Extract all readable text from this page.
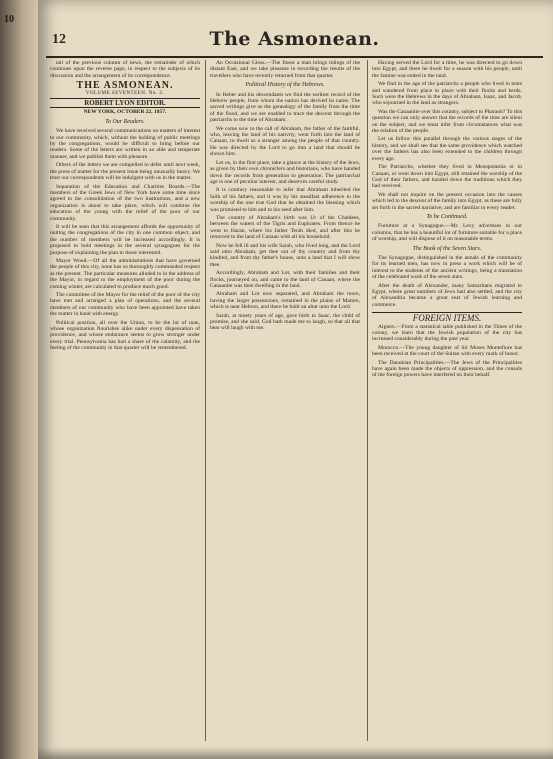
10
12	The Asmonean.

tail of the previous column of news, the remainder of which continues upon the reverse page, in respect to the subjects of its discussion and the arrangement of its correspondence.

THE ASMONEAN.
VOLUME SEVENTEEN. No. 2.
ROBERT LYON EDITOR.
NEW YORK, OCTOBER 22, 1857.
To Our Readers.

We have received several communications on matters of interest to our community, which, without the holding of public meetings by the congregations, would be difficult to bring before our readers. Some of the letters are written in an able and temperate manner, and we publish them with pleasure.

Others of the letters we are compelled to defer until next week, the press of matter for the present issue being unusually heavy. We trust our correspondents will be indulgent with us in the matter.

Separation of the Education and Charities Boards.—The members of the Greek Jews of New York have some time since agreed to the consolidation of the two institutions, and a new organization is about to take place, which will combine the education of the young with the relief of the poor of our community.

It will be seen that this arrangement affords the opportunity of uniting the congregations of the city in one common object, and the number of members will be increased accordingly. It is proposed to hold meetings in the several synagogues for the purpose of explaining the plan to those interested.

Mayor Wood.—Of all the administrations that have governed the people of this city, none has so thoroughly commanded respect as the present. The particular measures alluded to in the address of the Mayor, in regard to the employment of the poor during the coming winter, are calculated to produce much good.

The committee of the Mayor for the relief of the poor of the city have met and arranged a plan of operations, and the several members of our community who have been appointed have taken the matter in hand with energy.

Political position, all over the Union, to be the lot of man, whose organization flourishes alike under every dispensation of providence, and whose endurance seems to grow stronger under every trial. Pennsylvania has had a share of the calamity, and the feeling of the community in that quarter will be remembered.

An Occasional Gloss.—The finest a man brings tidings of the distant East, and we take pleasure in recording the results of the travellers who have recently returned from that quarter.

Political History of the Hebrews.

In Heber and his descendants we find the earliest record of the Hebrew people, from whom the nation has derived its name. The sacred writings give us the genealogy of the family from the time of the flood, and we are enabled to trace the descent through the patriarchs to the time of Abraham.

We come now to the call of Abraham, the father of the faithful, who, leaving the land of his nativity, went forth into the land of Canaan, to dwell as a stranger among the people of that country. He was directed by the Lord to go into a land that should be shown him.

Let us, in the first place, take a glance at the history of the Jews, as given by their own chroniclers and historians, who have handed down the records from generation to generation. The patriarchal age is one of peculiar interest, and deserves careful study.

It is contrary reasonable to infer that Abraham inherited the faith of his fathers, and it was by his steadfast adherence to the worship of the one true God that he obtained the blessing which was promised to him and to his seed after him.

The country of Abraham's birth was Ur of the Chaldees, between the waters of the Tigris and Euphrates. From thence he went to Haran, where his father Terah died, and after this he removed to the land of Canaan with all his household.

Now he fell ill and his wife Sarah, who lived long, and the Lord said unto Abraham, get thee out of thy country and from thy kindred, and from thy father's house, unto a land that I will show thee.

Accordingly, Abraham and Lot, with their families and their flocks, journeyed on, and came to the land of Canaan, where the Canaanite was then dwelling in the land.

Abraham and Lot now separated, and Abraham the more, having the larger possessions, remained in the plains of Mamre, which is near Hebron, and there he built an altar unto the Lord.

Sarah, at ninety years of age, gave birth to Isaac, the child of promise, and she said, God hath made me to laugh, so that all that hear will laugh with me.

Having served the Lord for a time, he was directed to go down into Egypt, and there he dwelt for a season with his people, until the famine was ended in the land.

We find in the age of the patriarchs a people who lived in tents and wandered from place to place with their flocks and herds. Such were the Hebrews in the days of Abraham, Isaac, and Jacob, who sojourned in the land as strangers.

Was the Canaanite over this country, subject to Pharaoh? To this question we can only answer that the records of the time are silent on the subject, and we must infer from circumstances what was the relation of the people.

Let us follow this parallel through the various stages of the history, and we shall see that the same providence which watched over the fathers has also been extended to the children through every age.

The Patriarchs, whether they lived in Mesopotamia or in Canaan, or went down into Egypt, still retained the worship of the God of their fathers, and handed down the traditions which they had received.

We shall not inquire on the present occasion into the causes which led to the descent of the family into Egypt, as these are fully set forth in the sacred narrative, and are familiar to every reader.

To be Continued.

Furniture at a Synagogue.—Mr. Levy advertises in our columns, that he has a beautiful lot of furniture suitable for a place of worship, and will dispose of it on reasonable terms.

The Book of the Seven Stars.

The Synagogue, distinguished in the annals of the community for its learned men, has now in press a work which will be of interest to the students of the ancient writings, being a translation of the celebrated work of the seven stars.

After the death of Alexander, many Samaritans migrated to Egypt, where great numbers of Jews had also settled, and the city of Alexandria became a great seat of Jewish learning and commerce.

FOREIGN ITEMS.

Algiers.—From a statistical table published in the Times of the colony, we learn that the Jewish population of the city has increased considerably during the past year.

Morocco.—The young daughter of Sir Moses Montefiore has been received at the court of the Sultan with every mark of honor.

The Danubian Principalities.—The Jews of the Principalities have again been made the objects of oppression, and the consuls of the foreign powers have interfered on their behalf.
